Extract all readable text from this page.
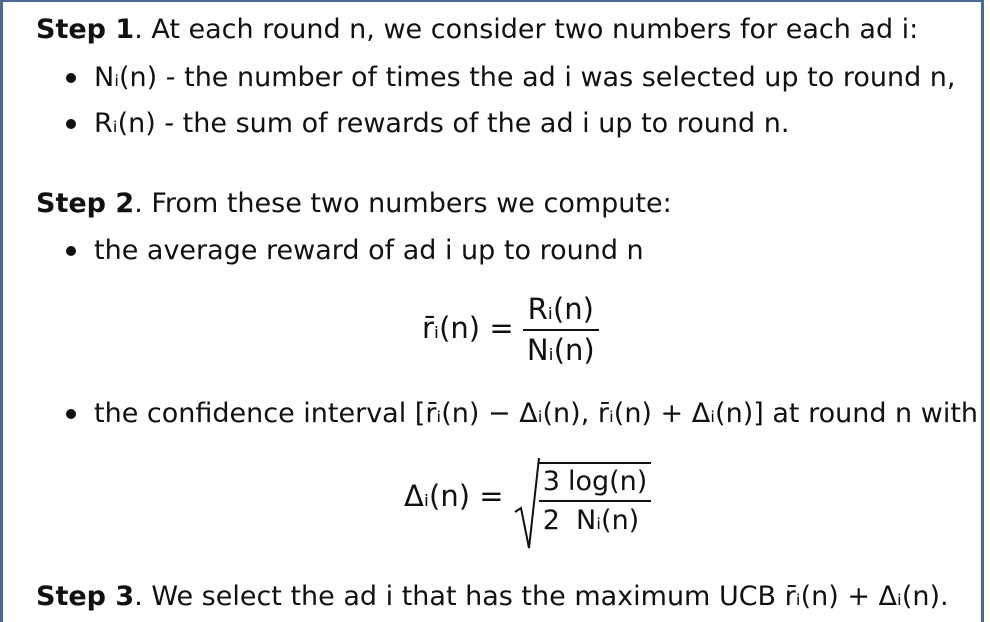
Step 1. At each round n, we consider two numbers for each ad i:
Nᵢ(n) - the number of times the ad i was selected up to round n,
Rᵢ(n) - the sum of rewards of the ad i up to round n.
Step 2. From these two numbers we compute:
the average reward of ad i up to round n
r̄ᵢ(n) = $\frac{\text{Rᵢ(n)}}{\text{Nᵢ(n)}}$
the confidence interval [r̄ᵢ(n) − Δᵢ(n), r̄ᵢ(n) + Δᵢ(n)] at round n with
Δᵢ(n) = $\frac{3}{2} \frac{\log(n)}{\text{Nᵢ(n)}}$
Step 3. We select the ad i that has the maximum UCB r̄ᵢ(n) + Δᵢ(n).
